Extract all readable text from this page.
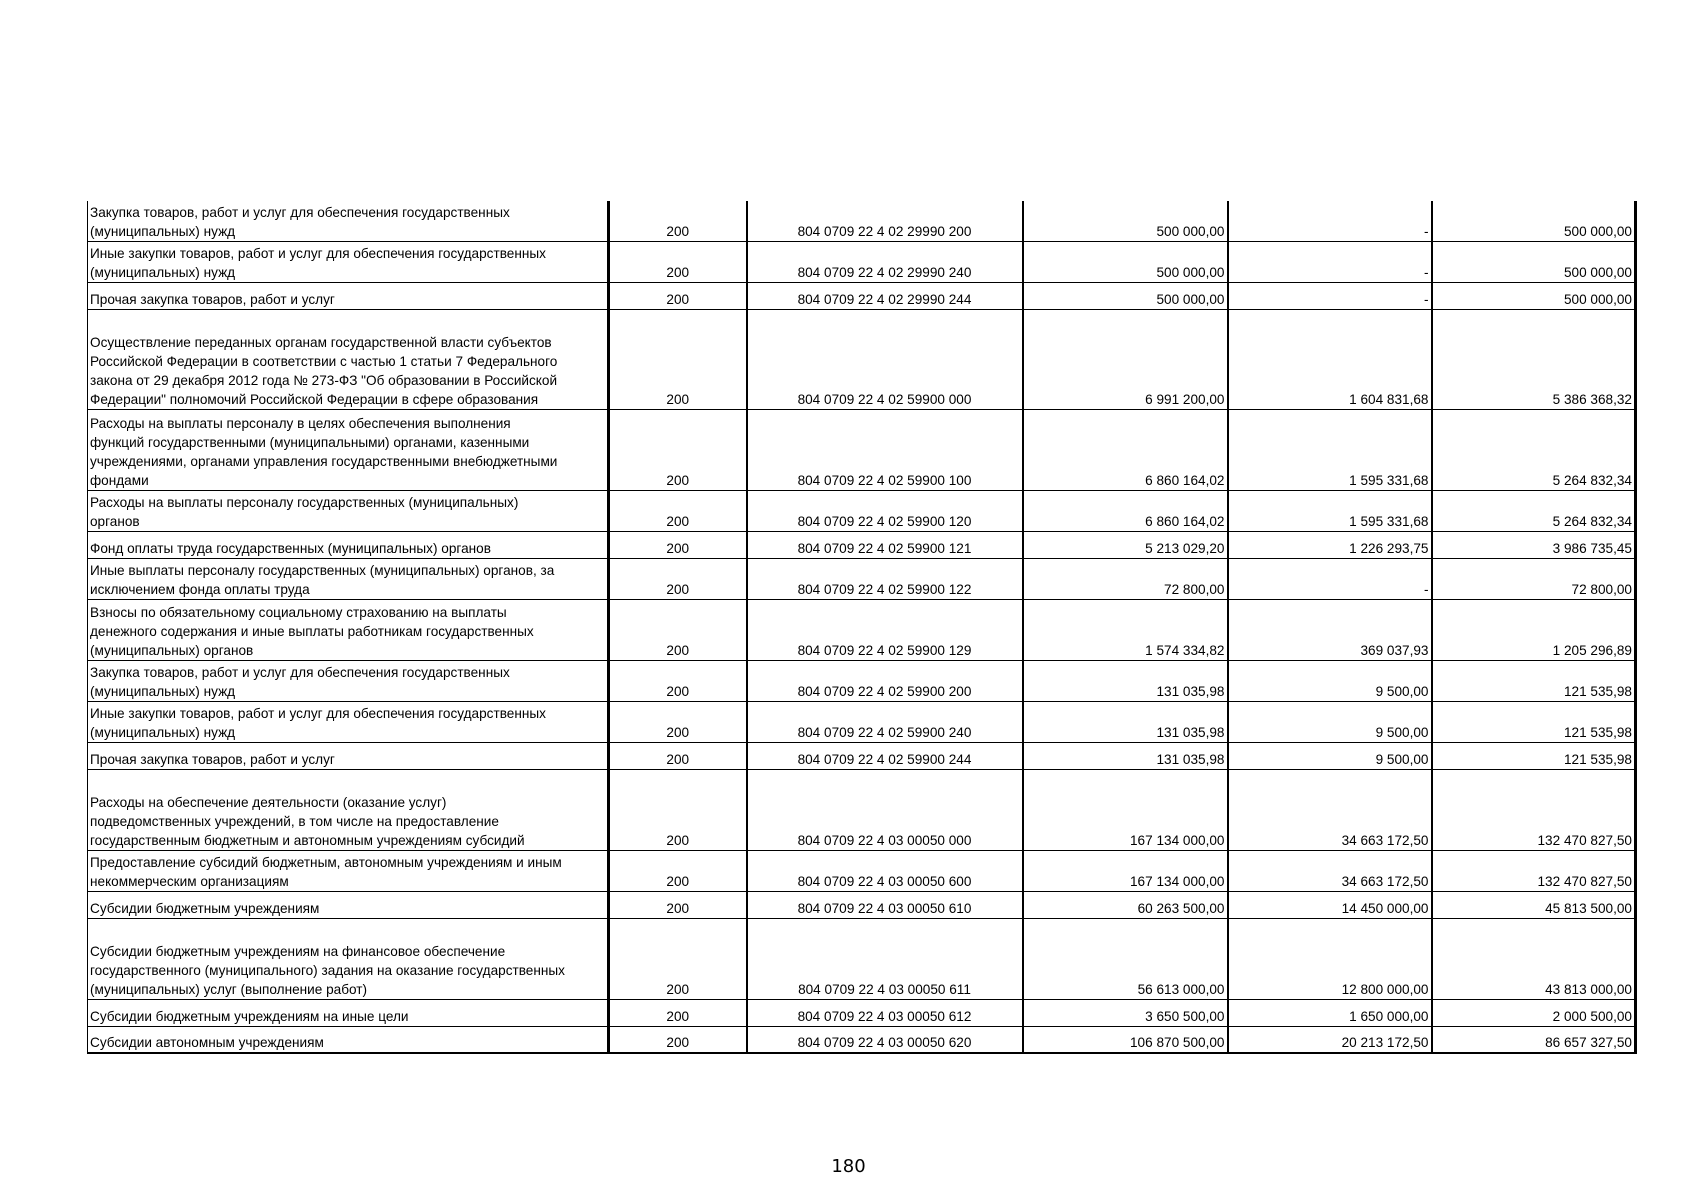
Закупка товаров, работ и услуг для обеспечения государственных
(муниципальных) нужд	200	804 0709 22 4 02 29990 200	500 000,00	-	500 000,00
Иные закупки товаров, работ и услуг для обеспечения государственных
(муниципальных) нужд	200	804 0709 22 4 02 29990 240	500 000,00	-	500 000,00
Прочая закупка товаров, работ и услуг	200	804 0709 22 4 02 29990 244	500 000,00	-	500 000,00

Осуществление переданных органам государственной власти субъектов
Российской Федерации в соответствии с частью 1 статьи 7 Федерального
закона от 29 декабря 2012 года № 273-ФЗ "Об образовании в Российской
Федерации" полномочий Российской Федерации в сфере образования	200	804 0709 22 4 02 59900 000	6 991 200,00	1 604 831,68	5 386 368,32
Расходы на выплаты персоналу в целях обеспечения выполнения
функций государственными (муниципальными) органами, казенными
учреждениями, органами управления государственными внебюджетными
фондами	200	804 0709 22 4 02 59900 100	6 860 164,02	1 595 331,68	5 264 832,34
Расходы на выплаты персоналу государственных (муниципальных)
органов	200	804 0709 22 4 02 59900 120	6 860 164,02	1 595 331,68	5 264 832,34
Фонд оплаты труда государственных (муниципальных) органов	200	804 0709 22 4 02 59900 121	5 213 029,20	1 226 293,75	3 986 735,45
Иные выплаты персоналу государственных (муниципальных) органов, за
исключением фонда оплаты труда	200	804 0709 22 4 02 59900 122	72 800,00	-	72 800,00
Взносы по обязательному социальному страхованию на выплаты
денежного содержания и иные выплаты работникам государственных
(муниципальных) органов	200	804 0709 22 4 02 59900 129	1 574 334,82	369 037,93	1 205 296,89
Закупка товаров, работ и услуг для обеспечения государственных
(муниципальных) нужд	200	804 0709 22 4 02 59900 200	131 035,98	9 500,00	121 535,98
Иные закупки товаров, работ и услуг для обеспечения государственных
(муниципальных) нужд	200	804 0709 22 4 02 59900 240	131 035,98	9 500,00	121 535,98
Прочая закупка товаров, работ и услуг	200	804 0709 22 4 02 59900 244	131 035,98	9 500,00	121 535,98

Расходы на обеспечение деятельности (оказание услуг)
подведомственных учреждений, в том числе на предоставление
государственным бюджетным и автономным учреждениям субсидий	200	804 0709 22 4 03 00050 000	167 134 000,00	34 663 172,50	132 470 827,50
Предоставление субсидий бюджетным, автономным учреждениям и иным
некоммерческим организациям	200	804 0709 22 4 03 00050 600	167 134 000,00	34 663 172,50	132 470 827,50
Субсидии бюджетным учреждениям	200	804 0709 22 4 03 00050 610	60 263 500,00	14 450 000,00	45 813 500,00

Субсидии бюджетным учреждениям на финансовое обеспечение
государственного (муниципального) задания на оказание государственных
(муниципальных) услуг (выполнение работ)	200	804 0709 22 4 03 00050 611	56 613 000,00	12 800 000,00	43 813 000,00
Субсидии бюджетным учреждениям на иные цели	200	804 0709 22 4 03 00050 612	3 650 500,00	1 650 000,00	2 000 500,00
Субсидии автономным учреждениям	200	804 0709 22 4 03 00050 620	106 870 500,00	20 213 172,50	86 657 327,50
180
